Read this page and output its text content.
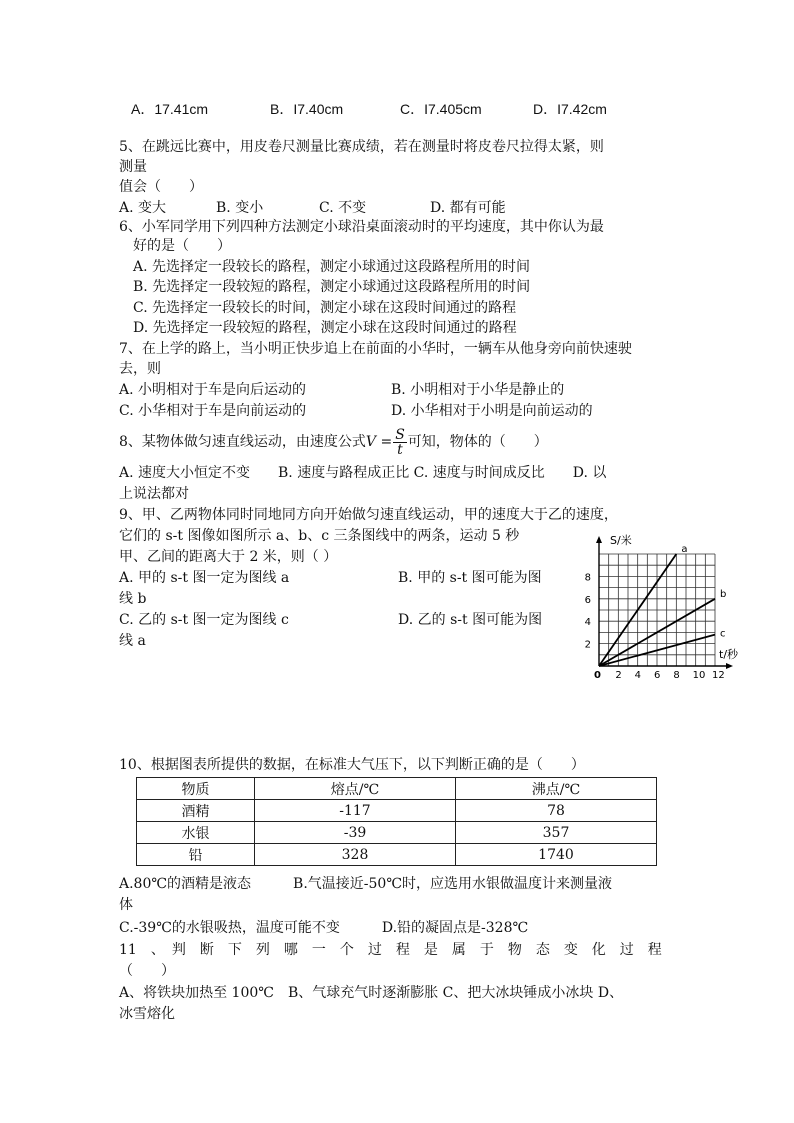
A．17.41cm	B．I7.40cm	C．I7.405cm	D．I7.42cm
5、在跳远比赛中，用皮卷尺测量比赛成绩，若在测量时将皮卷尺拉得太紧，则
测量
值会（　　）
A. 变大	B. 变小	C. 不变	D. 都有可能
6、小军同学用下列四种方法测定小球沿桌面滚动时的平均速度，其中你认为最
好的是（　　）
A. 先选择定一段较长的路程，测定小球通过这段路程所用的时间
B. 先选择定一段较短的路程，测定小球通过这段路程所用的时间
C. 先选择定一段较长的时间，测定小球在这段时间通过的路程
D. 先选择定一段较短的路程，测定小球在这段时间通过的路程
7、在上学的路上，当小明正快步追上在前面的小华时，一辆车从他身旁向前快速驶
去，则
A. 小明相对于车是向后运动的	B. 小明相对于小华是静止的
C. 小华相对于车是向前运动的	D. 小华相对于小明是向前运动的
8、某物体做匀速直线运动，由速度公式$V = \frac{S}{t}$ 可知，物体的（　　）
A. 速度大小恒定不变　　B. 速度与路程成正比 C. 速度与时间成反比　　D. 以
上说法都对
9、甲、乙两物体同时同地同方向开始做匀速直线运动，甲的速度大于乙的速度，
它们的 s-t 图像如图所示 a、b、c 三条图线中的两条，运动 5 秒
甲、乙间的距离大于 2 米，则（ ）
A. 甲的 s-t 图一定为图线 a	B. 甲的 s-t 图可能为图
线 b
C. 乙的 s-t 图一定为图线 c	D. 乙的 s-t 图可能为图
线 a
a
b
c
0 2 4 6 8 10 12
2
4
6
8
S/米
t/秒
10、根据图表所提供的数据，在标准大气压下，以下判断正确的是（　　）
物质	熔点/℃	沸点/℃
酒精	-117	78
水银	-39	357
铅	328	1740
A.80℃的酒精是液态　　　B.气温接近-50℃时，应选用水银做温度计来测量液
体
C.-39℃的水银吸热，温度可能不变　　　D.铅的凝固点是-328℃
11　、　判　断　下　列　哪　一　个　过　程　是　属　于　物　态　变　化　过　程
（　　）
A、将铁块加热至 100℃　B、气球充气时逐渐膨胀 C、把大冰块锤成小冰块 D、
冰雪熔化
